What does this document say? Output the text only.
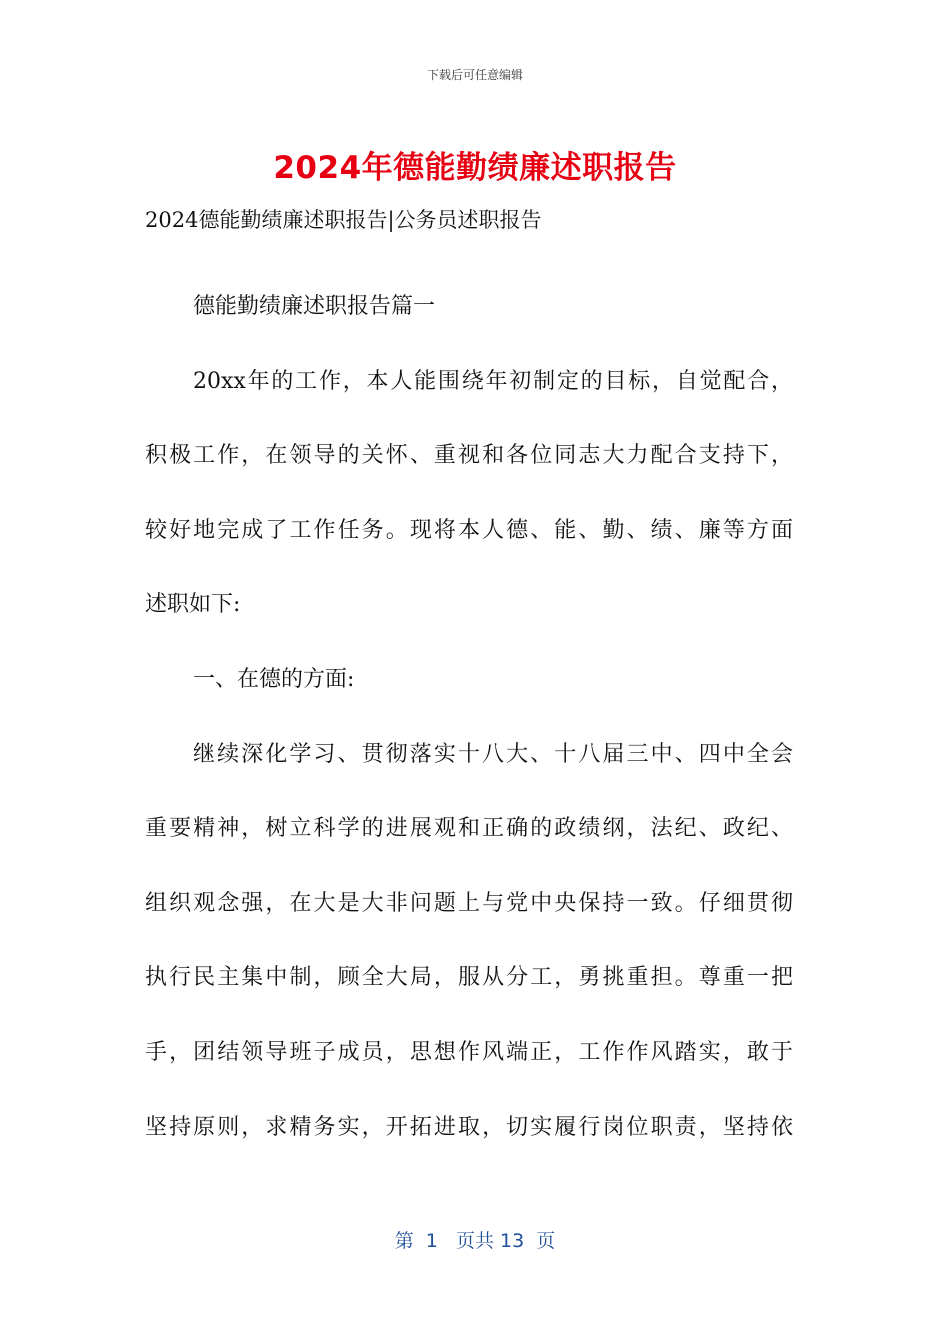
下载后可任意编辑
2024年德能勤绩廉述职报告
2024德能勤绩廉述职报告|公务员述职报告
德能勤绩廉述职报告篇一
20xx年的工作，本人能围绕年初制定的目标，自觉配合，
积极工作，在领导的关怀、重视和各位同志大力配合支持下，
较好地完成了工作任务。现将本人德、能、勤、绩、廉等方面
述职如下:
一、在德的方面:
继续深化学习、贯彻落实十八大、十八届三中、四中全会
重要精神，树立科学的进展观和正确的政绩纲，法纪、政纪、
组织观念强，在大是大非问题上与党中央保持一致。仔细贯彻
执行民主集中制，顾全大局，服从分工，勇挑重担。尊重一把
手，团结领导班子成员，思想作风端正，工作作风踏实，敢于
坚持原则，求精务实，开拓进取，切实履行岗位职责，坚持依
第  1   页共 13  页
